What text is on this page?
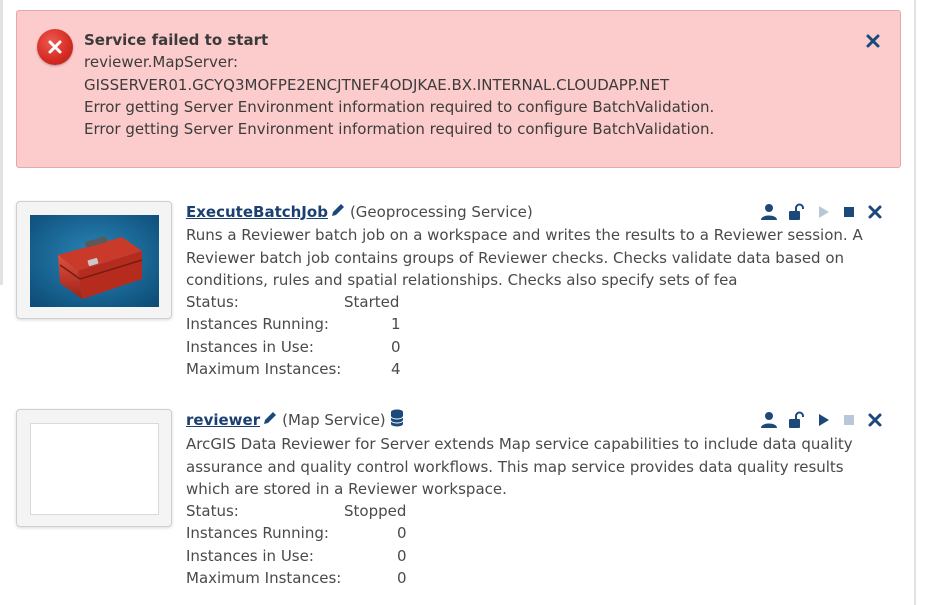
Service failed to start
reviewer.MapServer:
GISSERVER01.GCYQ3MOFPE2ENCJTNEF4ODJKAE.BX.INTERNAL.CLOUDAPP.NET
Error getting Server Environment information required to configure BatchValidation.
Error getting Server Environment information required to configure BatchValidation.
ExecuteBatchJob (Geoprocessing Service)
Runs a Reviewer batch job on a workspace and writes the results to a Reviewer session. A Reviewer batch job contains groups of Reviewer checks. Checks validate data based on conditions, rules and spatial relationships. Checks also specify sets of fea
Status:	Started
Instances Running:	1
Instances in Use:	0
Maximum Instances:	4
reviewer (Map Service)
ArcGIS Data Reviewer for Server extends Map service capabilities to include data quality assurance and quality control workflows. This map service provides data quality results which are stored in a Reviewer workspace.
Status:	Stopped
Instances Running:	0
Instances in Use:	0
Maximum Instances:	0
